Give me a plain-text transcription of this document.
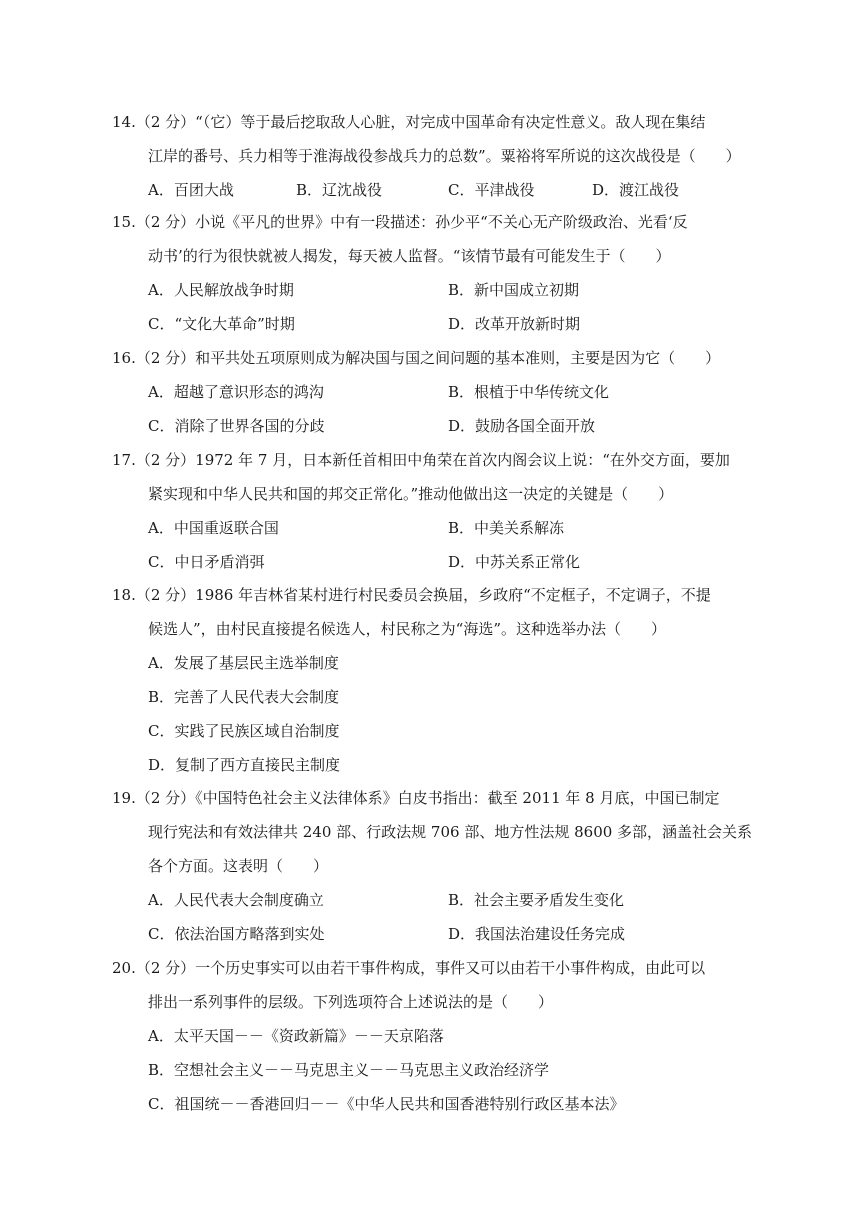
14.（2 分）“（它）等于最后挖取敌人心脏，对完成中国革命有决定性意义。敌人现在集结
江岸的番号、兵力相等于淮海战役参战兵力的总数”。粟裕将军所说的这次战役是（　　）
A．百团大战	B．辽沈战役	C．平津战役	D．渡江战役
15.（2 分）小说《平凡的世界》中有一段描述：孙少平“不关心无产阶级政治、光看‘反
动书’的行为很快就被人揭发，每天被人监督。“该情节最有可能发生于（　　）
A．人民解放战争时期	B．新中国成立初期
C．“文化大革命”时期	D．改革开放新时期
16.（2 分）和平共处五项原则成为解决国与国之间问题的基本准则，主要是因为它（　　）
A．超越了意识形态的鸿沟	B．根植于中华传统文化
C．消除了世界各国的分歧	D．鼓励各国全面开放
17.（2 分）1972 年 7 月，日本新任首相田中角荣在首次内阁会议上说：“在外交方面，要加
紧实现和中华人民共和国的邦交正常化。”推动他做出这一决定的关键是（　　）
A．中国重返联合国	B．中美关系解冻
C．中日矛盾消弭	D．中苏关系正常化
18.（2 分）1986 年吉林省某村进行村民委员会换届，乡政府“不定框子，不定调子，不提
候选人”，由村民直接提名候选人，村民称之为“海选”。这种选举办法（　　）
A．发展了基层民主选举制度
B．完善了人民代表大会制度
C．实践了民族区域自治制度
D．复制了西方直接民主制度
19.（2 分）《中国特色社会主义法律体系》白皮书指出：截至 2011 年 8 月底，中国已制定
现行宪法和有效法律共 240 部、行政法规 706 部、地方性法规 8600 多部，涵盖社会关系
各个方面。这表明（　　）
A．人民代表大会制度确立	B．社会主要矛盾发生变化
C．依法治国方略落到实处	D．我国法治建设任务完成
20.（2 分）一个历史事实可以由若干事件构成，事件又可以由若干小事件构成，由此可以
排出一系列事件的层级。下列选项符合上述说法的是（　　）
A．太平天国－－《资政新篇》－－天京陷落
B．空想社会主义－－马克思主义－－马克思主义政治经济学
C．祖国统－－香港回归－－《中华人民共和国香港特别行政区基本法》
